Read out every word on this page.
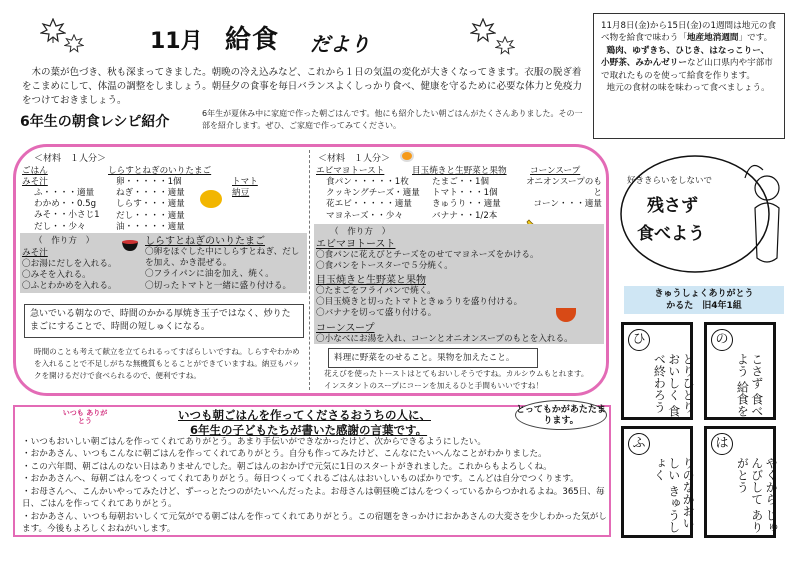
11月 給食 だより

木の葉が色づき、秋も深まってきました。朝晩の冷え込みなど、これから１日の気温の変化が大きくなってきます。衣服の脱ぎ着をこまめにして、体温の調整をしましょう。朝昼夕の食事を毎日バランスよくしっかり食べ、健康を守るために必要な体力と免疫力をつけておきましょう。

11月8日(金)から15日(金)の1週間は地元の食べ物を給食で味わう「地産地消週間」です。
鶏肉、ゆずきち、ひじき、はなっこりー、小野茶、みかんゼリーなど山口県内や宇部市で取れたものを使って給食を作ります。
地元の食材の味を味わって食べましょう。
6年生の朝食レシピ紹介

6年生が夏休み中に家庭で作った朝ごはんです。他にも紹介したい朝ごはんがたくさんありました。その一部を紹介します。ぜひ、ご家庭で作ってみてください。

＜材料　１人分＞
ごはん
みそ汁
ふ・・・・適量
わかめ・・0.5g
みそ・・小さじ1
だし・・少々
しらすとねぎのいりたまご
卵・・・・・1個
ねぎ・・・・適量
しらす・・・適量
だし・・・・適量
油・・・・・適量
トマト
納豆
（　作り方　）
みそ汁
〇お湯にだしを入れる。
〇みそを入れる。
〇ふとわかめを入れる。
しらすとねぎのいりたまご
〇卵をほぐした中にしらすとねぎ、だしを加え、かき混ぜる。
〇フライパンに油を加え、焼く。
〇切ったトマトと一緒に盛り付ける。
急いでいる朝なので、時間のかかる厚焼き玉子ではなく、炒りたまごにすることで、時間の短しゅくになる。

時間のことも考えて献立を立てられるってすばらしいですね。しらすやわかめを入れることで不足しがちな無機質もとることができていますね。納豆もパックを開けるだけで食べられるので、便利ですね。

＜材料　１人分＞
エビマヨトースト
食パン・・・・・1枚
クッキングチーズ・適量
花エビ・・・・・適量
マヨネーズ・・少々
目玉焼きと生野菜と果物
たまご・・1個
トマト・・・1個
きゅうり・・適量
バナナ・・1/2本
コーンスープ
オニオンスープのもと
コーン・・・適量
（　作り方　）
エビマヨトースト
〇食パンに花えびとチーズをのせてマヨネーズをかける。
〇食パンをトースターで５分焼く。
目玉焼きと生野菜と果物
〇たまごをフライパンで焼く。
〇目玉焼きと切ったトマトときゅうりを盛り付ける。
〇バナナを切って盛り付ける。
コーンスープ
〇小なべにお湯を入れ、コーンとオニオンスープのもとを入れる。
料理に野菜をのせること。果物を加えたこと。

花えびを使ったトーストはとてもおいしそうですね。カルシウムもとれます。インスタントのスープにコーンを加えるひと手間もいいですね！

いつも ありがとう	いつも朝ごはんを作ってくださるおうちの人に、
6年生の子どもたちが書いた感謝の言葉です。
とってもかがあたたまります。
・いつもおいしい朝ごはんを作ってくれてありがとう。あまり手伝いができなかったけど、次からできるようにしたい。
・おかあさん、いつもこんなに朝ごはんを作ってくれてありがとう。自分も作ってみたけど、こんなにたいへんなことがわかりました。
・この六年間、朝ごはんのない日はありませんでした。朝ごはんのおかげで元気に1日のスタートがきれました。これからもよろしくね。
・おかあさんへ、毎朝ごはんをつくってくれてありがとう。毎日つくってくれるごはんはおいしいものばかりです。こんどは自分でつくります。
・お母さんへ、こんかいやってみたけど、ずーっとたつのがたいへんだったよ。お母さんは朝昼晩ごはんをつくっているからつかれるよね。365日、毎日、ごはんを作ってくれてありがとう。
・おかあさん、いつも毎朝おいしくて元気がでる朝ごはんを作ってくれてありがとう。この宿題をきっかけにおかあさんの大変さを少しわかった気がします。今後もよろしくおねがいします。
好ききらいをしないで
残さず
食べよう
きゅうしょくありがとう
かるた　旧4年1組
ひ
とりひとり おいしく 食べ終わろう
の
こさず 食べよう 給食を
ふ
りのなかおいしい きゅうしょく
は
やくから じゅんびして ありがとう
